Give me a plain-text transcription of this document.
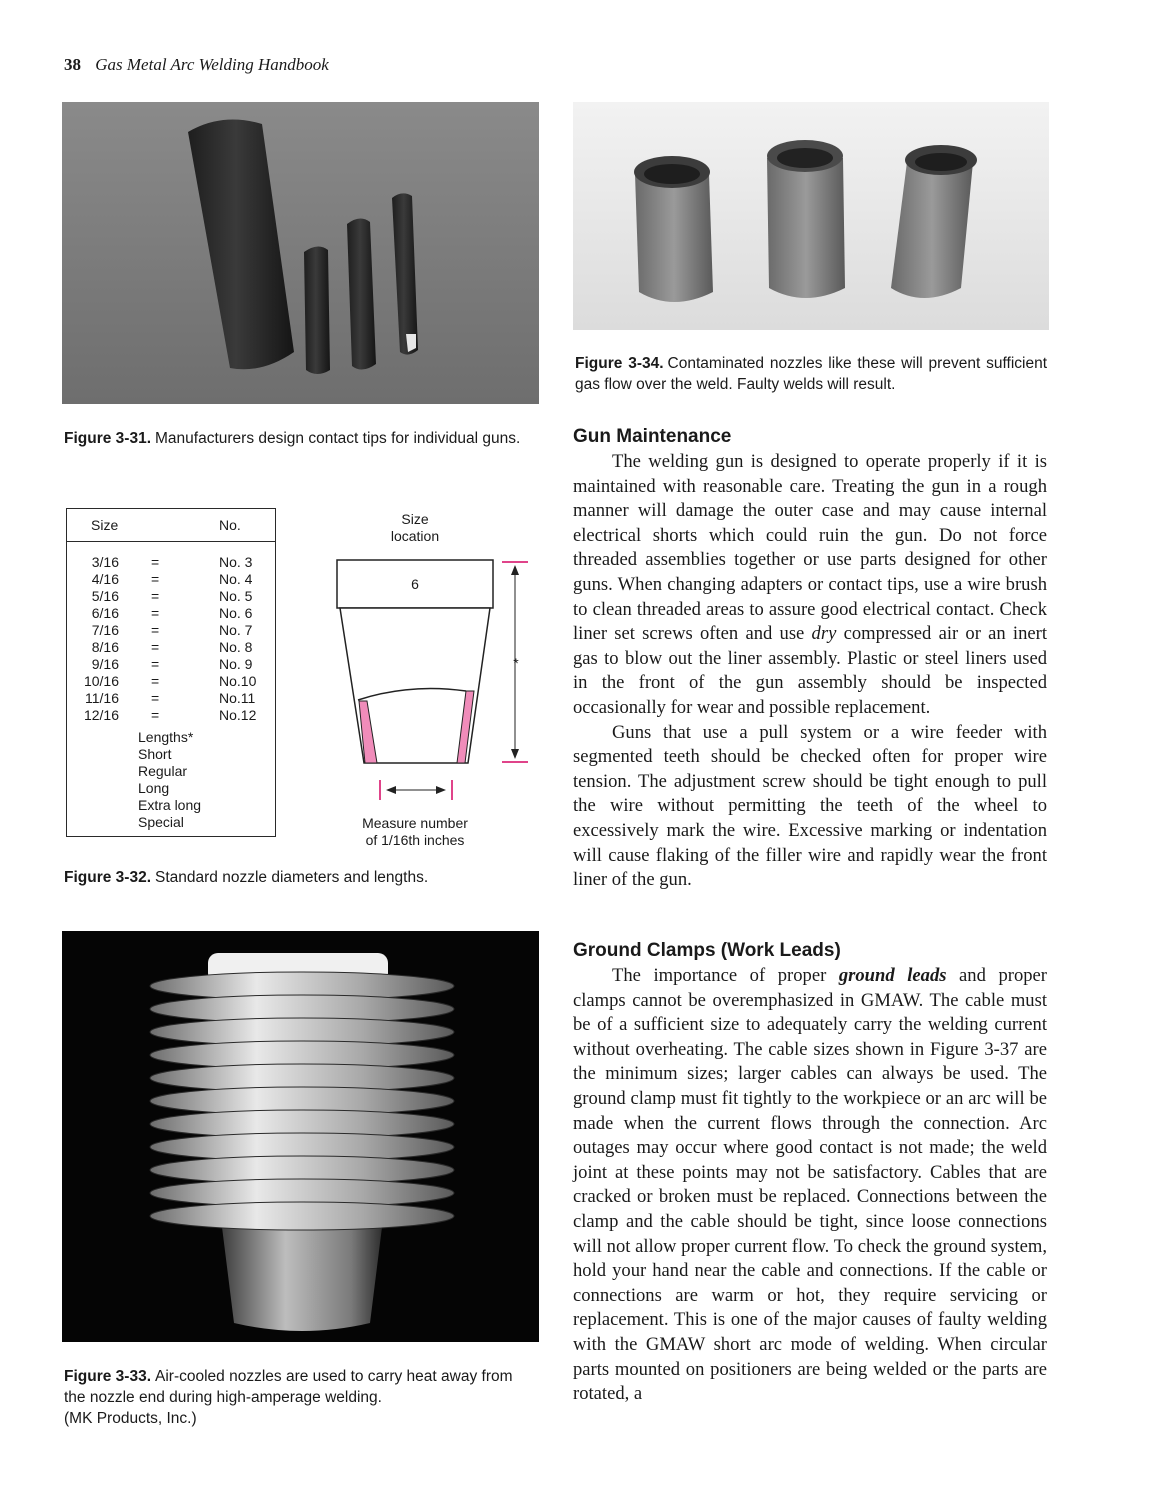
38 Gas Metal Arc Welding Handbook
Figure 3-31. Manufacturers design contact tips for individual guns.
Figure 3-34. Contaminated nozzles like these will prevent sufficient gas flow over the weld. Faulty welds will result.
Size	No.
3/16 =	No. 3
4/16 =	No. 4
5/16 =	No. 5
6/16 =	No. 6
7/16 =	No. 7
8/16 =	No. 8
9/16 =	No. 9
10/16 =	No.10
11/16 =	No.11
12/16 =	No.12
Lengths*
Short
Regular
Long
Extra long
Special
Size
location
6
*
Measure number
of 1/16th inches
Figure 3-32. Standard nozzle diameters and lengths.
Figure 3-33. Air-cooled nozzles are used to carry heat away from the nozzle end during high-amperage welding.
(MK Products, Inc.)
Gun Maintenance

The welding gun is designed to operate properly if it is maintained with reasonable care. Treating the gun in a rough manner will damage the outer case and may cause internal electrical shorts which could ruin the gun. Do not force threaded assemblies together or use parts designed for other guns. When changing adapters or contact tips, use a wire brush to clean threaded areas to assure good electrical contact. Check liner set screws often and use dry compressed air or an inert gas to blow out the liner assembly. Plastic or steel liners used in the front of the gun assembly should be inspected occasionally for wear and possible replacement.

Guns that use a pull system or a wire feeder with segmented teeth should be checked often for proper wire tension. The adjustment screw should be tight enough to pull the wire without permitting the teeth of the wheel to excessively mark the wire. Excessive marking or indentation will cause flaking of the filler wire and rapidly wear the front liner of the gun.

Ground Clamps (Work Leads)

The importance of proper ground leads and proper clamps cannot be overemphasized in GMAW. The cable must be of a sufficient size to adequately carry the welding current without overheating. The cable sizes shown in Figure 3-37 are the minimum sizes; larger cables can always be used. The ground clamp must fit tightly to the workpiece or an arc will be made when the current flows through the connection. Arc outages may occur where good contact is not made; the weld joint at these points may not be satisfactory. Cables that are cracked or broken must be replaced. Connections between the clamp and the cable should be tight, since loose connections will not allow proper current flow. To check the ground system, hold your hand near the cable and connections. If the cable or connections are warm or hot, they require servicing or replacement. This is one of the major causes of faulty welding with the GMAW short arc mode of welding. When circular parts mounted on positioners are being welded or the parts are rotated, a
